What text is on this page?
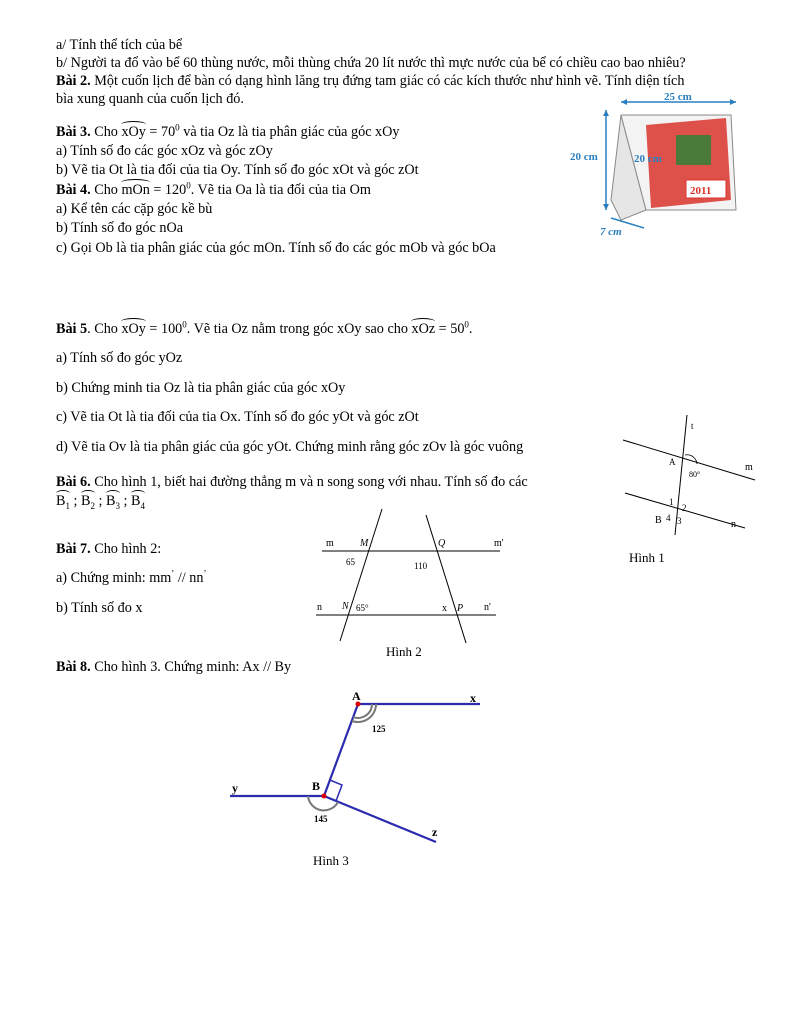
a/ Tính thể tích của bể
b/ Người ta đổ vào bể 60 thùng nước, mỗi thùng chứa 20 lít nước thì mực nước của bể có chiều cao bao nhiêu?
Bài 2. Một cuốn lịch để bàn có dạng hình lăng trụ đứng tam giác có các kích thước như hình vẽ. Tính diện tích
bìa xung quanh của cuốn lịch đó.
Bài 3. Cho xOy = $70^0$ và tia Oz là tia phân giác của góc xOy
a) Tính số đo các góc xOz và góc zOy
b) Vẽ tia Ot là tia đối của tia Oy. Tính số đo góc xOt và góc zOt
Bài 4. Cho mOn = $120^0$. Vẽ tia Oa là tia đối của tia Om
a) Kể tên các cặp góc kề bù
b) Tính số đo góc nOa
c) Gọi Ob là tia phân giác của góc mOn. Tính số đo các góc mOb và góc bOa
Bài 5. Cho xOy = $100^0$. Vẽ tia Oz nằm trong góc xOy sao cho xOz = $50^0$.
a) Tính số đo góc yOz
b) Chứng minh tia Oz là tia phân giác của góc xOy
c) Vẽ tia Ot là tia đối của tia Ox. Tính số đo góc yOt và góc zOt
d) Vẽ tia Ov là tia phân giác của góc yOt. Chứng minh rằng góc zOv là góc vuông
Bài 6. Cho hình 1, biết hai đường thẳng m và n song song với nhau. Tính số đo các
$B_1$ ; $B_2$ ; $B_3$ ; $B_4$
Bài 7. Cho hình 2:
a) Chứng minh: mm’ // nn’
b) Tính số đo x
Bài 8. Cho hình 3. Chứng minh: Ax // By
25 cm
20 cm
2011
20 cm
7 cm
t
A
80°
m
B	n
1
2
3
4
Hình 1
m	M	Q	m'
65	110
n N 65°	x P n'
Hình 2
A	x
125
y	B
145
z
Hình 3
